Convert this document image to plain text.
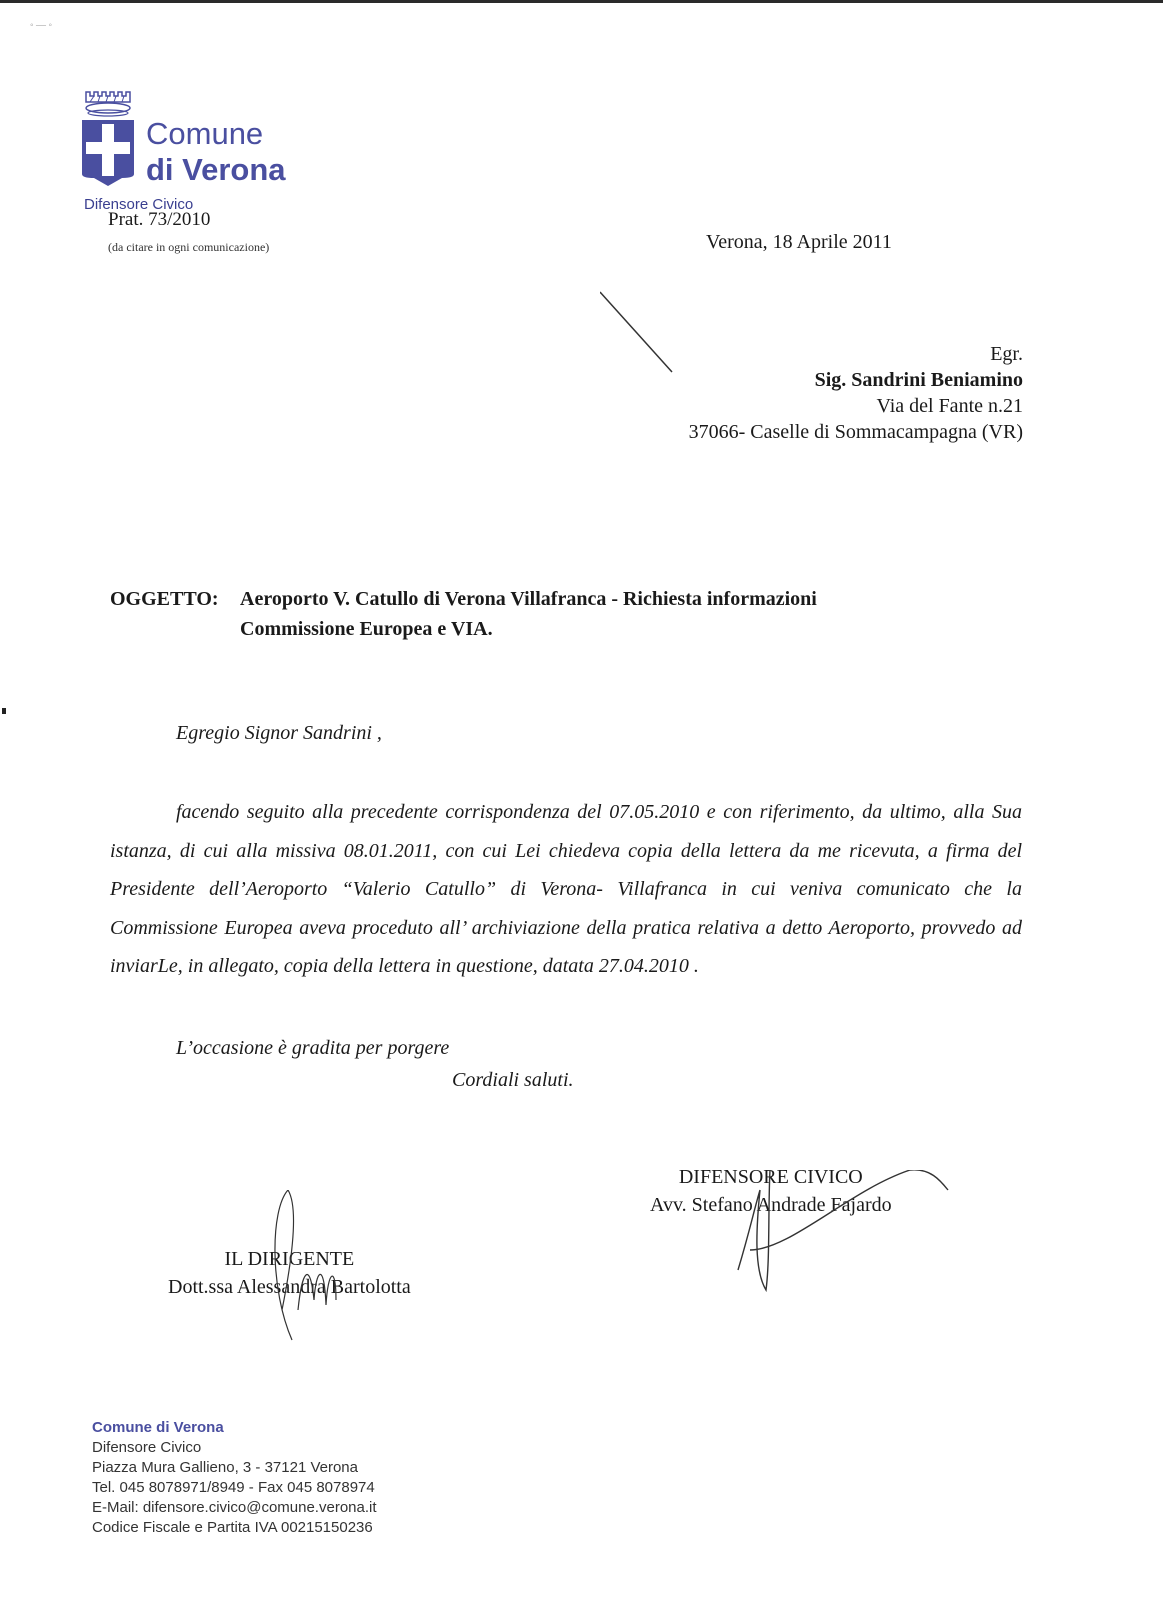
◦ — ◦
Comune
di Verona
Difensore Civico
Prat. 73/2010
(da citare in ogni comunicazione)	Verona, 18 Aprile 2011
Egr.
Sig. Sandrini Beniamino
Via del Fante n.21
37066- Caselle di Sommacampagna (VR)
OGGETTO: Aeroporto V. Catullo di Verona Villafranca - Richiesta informazioni
Commissione Europea e VIA.
Egregio Signor Sandrini ,
facendo seguito alla precedente corrispondenza del 07.05.2010 e con riferimento, da ultimo, alla Sua istanza, di cui alla missiva 08.01.2011, con cui Lei chiedeva copia della lettera da me ricevuta, a firma del Presidente dell’Aeroporto “Valerio Catullo” di Verona- Villafranca in cui veniva comunicato che la Commissione Europea aveva proceduto all’ archiviazione della pratica relativa a detto Aeroporto, provvedo ad inviarLe, in allegato, copia della lettera in questione, datata 27.04.2010 .
L’occasione è gradita per porgere
Cordiali saluti.
DIFENSORE CIVICO
Avv. Stefano Andrade Fajardo
IL DIRIGENTE
Dott.ssa Alessandra Bartolotta
Comune di Verona
Difensore Civico
Piazza Mura Gallieno, 3 - 37121 Verona
Tel. 045 8078971/8949 - Fax 045 8078974
E-Mail: difensore.civico@comune.verona.it
Codice Fiscale e Partita IVA 00215150236
